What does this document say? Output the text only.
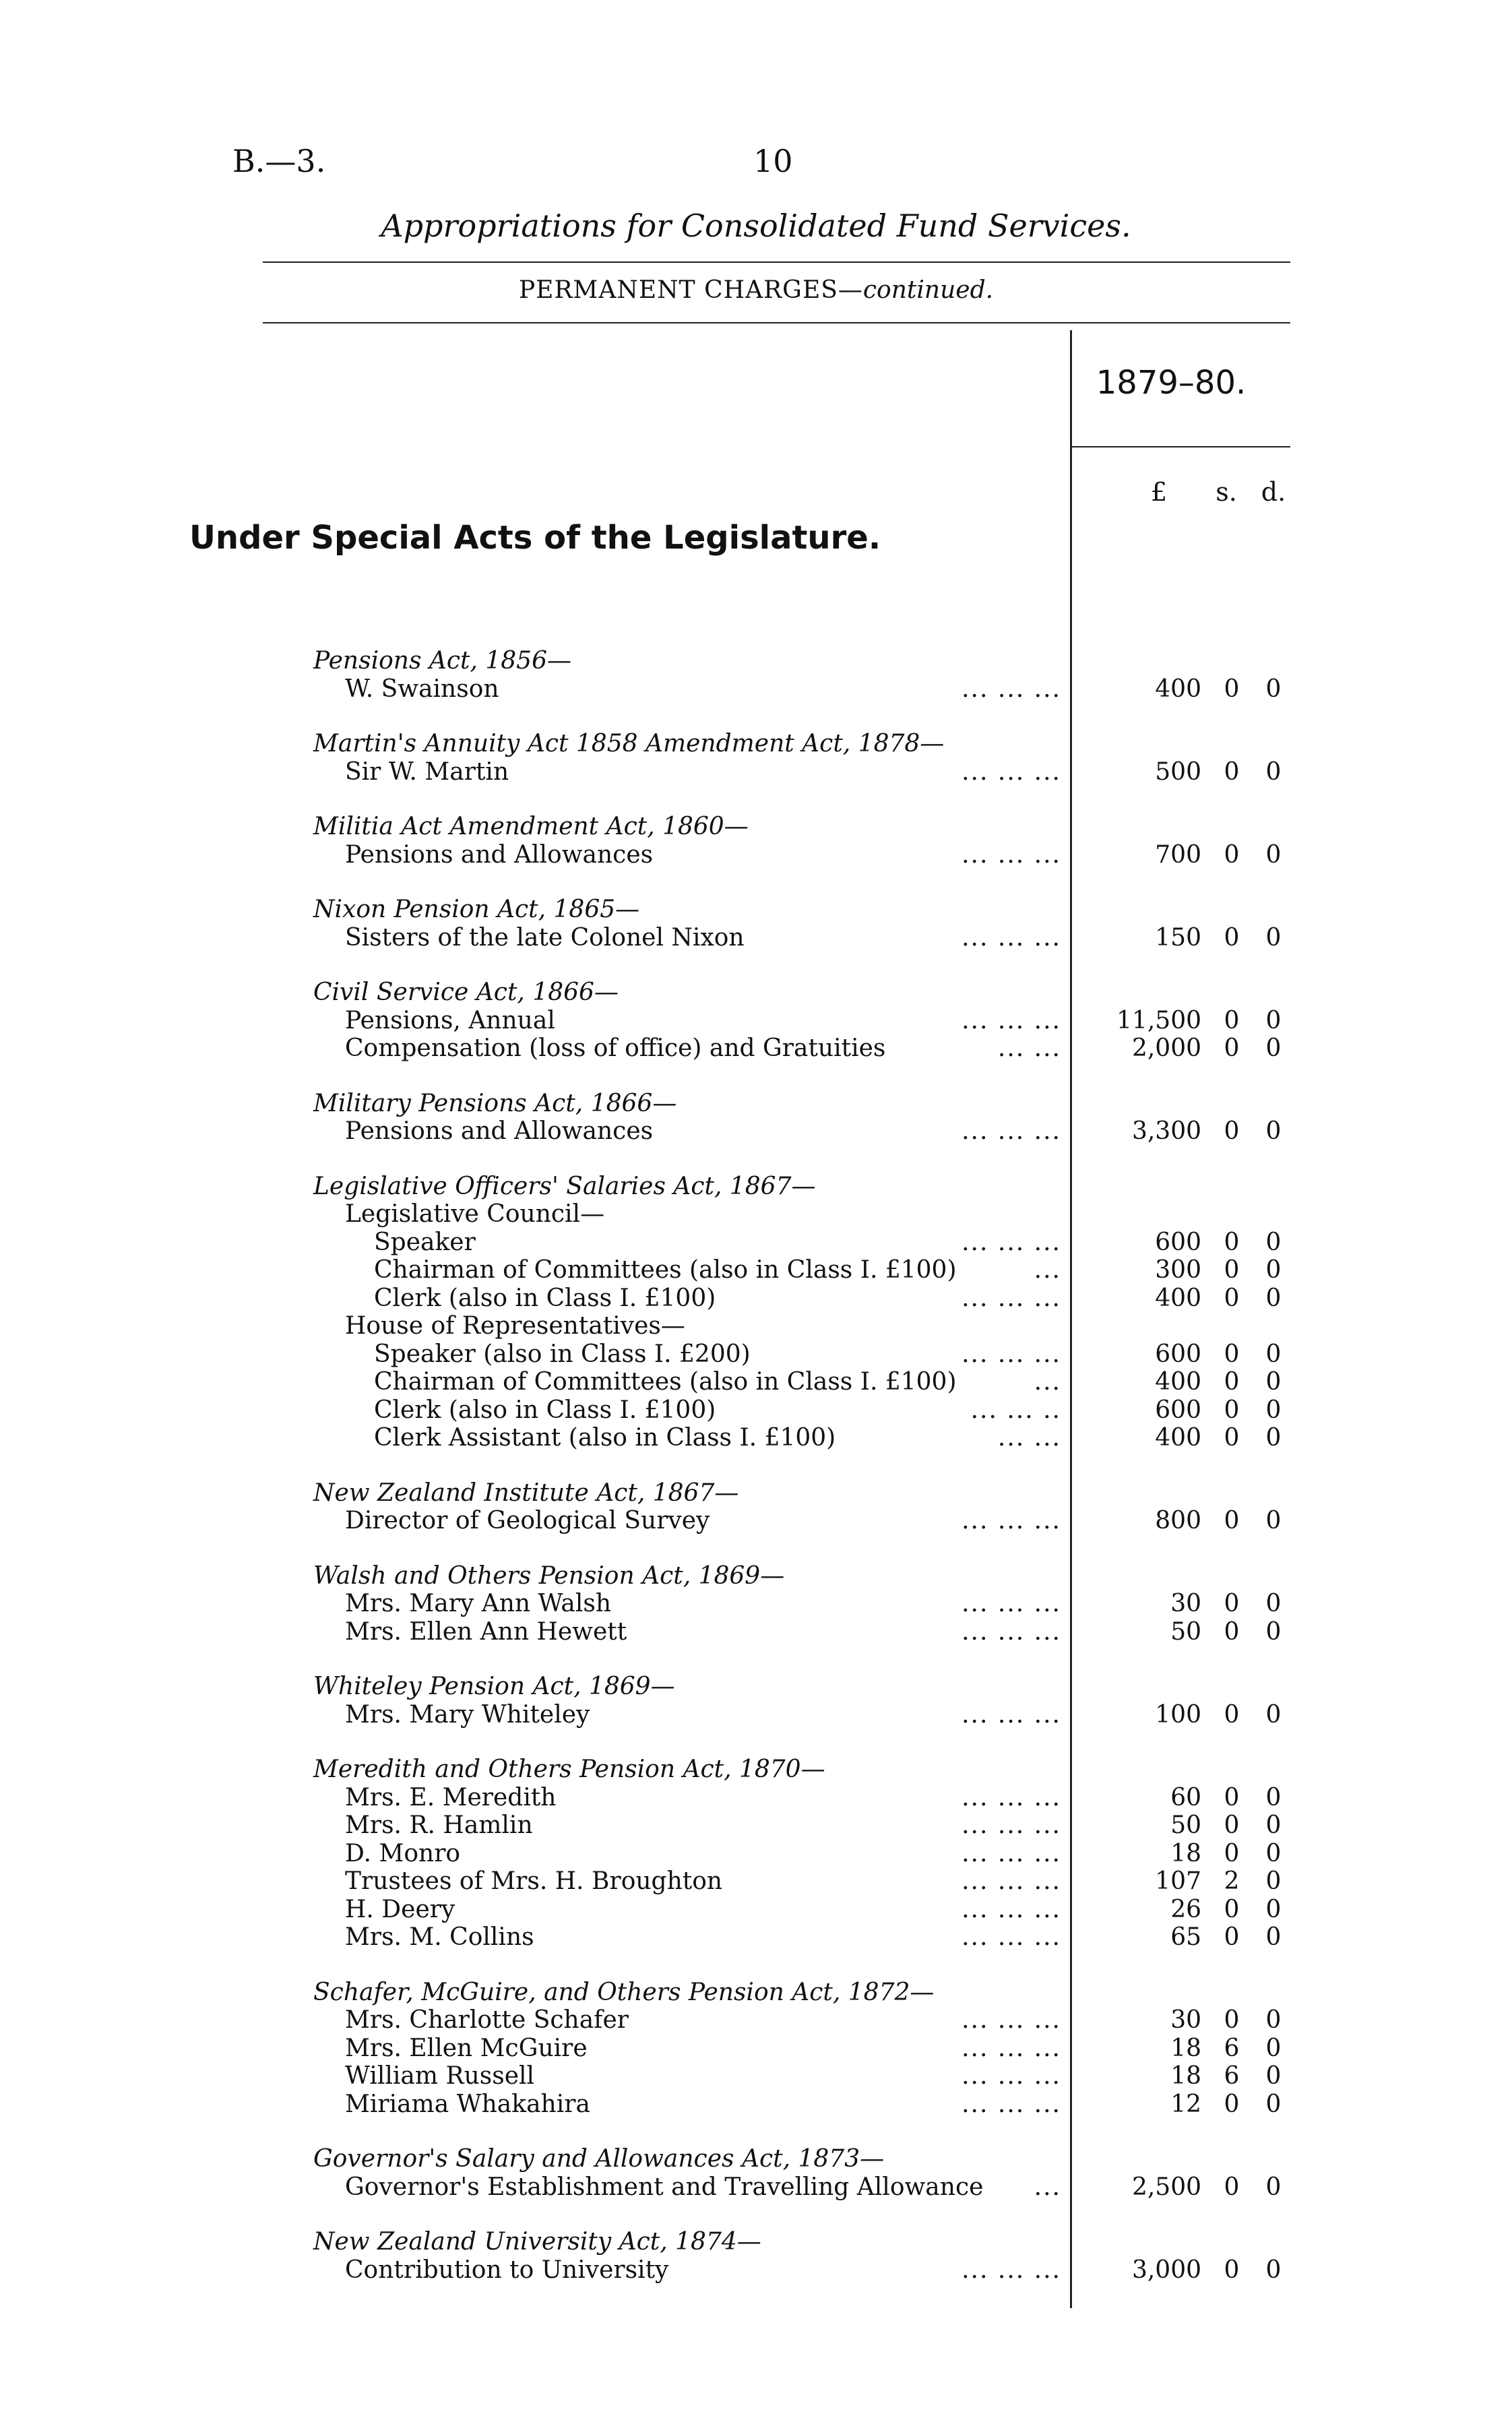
B.—3.	10
Appropriations for Consolidated Fund Services.
PERMANENT CHARGES—continued.
1879–80.
£ s. d.
Under Special Acts of the Legislature.
Pensions Act, 1856—
W. Swainson	... ... ...	400 0 0
Martin's Annuity Act 1858 Amendment Act, 1878—
Sir W. Martin	... ... ...	500 0 0
Militia Act Amendment Act, 1860—
Pensions and Allowances	... ... ...	700 0 0
Nixon Pension Act, 1865—
Sisters of the late Colonel Nixon	... ... ...	150 0 0
Civil Service Act, 1866—
Pensions, Annual	... ... ...	11,500 0 0
Compensation (loss of office) and Gratuities	... ...	2,000 0 0
Military Pensions Act, 1866—
Pensions and Allowances	... ... ...	3,300 0 0
Legislative Officers' Salaries Act, 1867—
Legislative Council—
Speaker	... ... ...	600 0 0
Chairman of Committees (also in Class I. £100)	...	300 0 0
Clerk (also in Class I. £100)	... ... ...	400 0 0
House of Representatives—
Speaker (also in Class I. £200)	... ... ...	600 0 0
Chairman of Committees (also in Class I. £100)	...	400 0 0
Clerk (also in Class I. £100)	... ... ..	600 0 0
Clerk Assistant (also in Class I. £100)	... ...	400 0 0
New Zealand Institute Act, 1867—
Director of Geological Survey	... ... ...	800 0 0
Walsh and Others Pension Act, 1869—
Mrs. Mary Ann Walsh	... ... ...	30 0 0
Mrs. Ellen Ann Hewett	... ... ...	50 0 0
Whiteley Pension Act, 1869—
Mrs. Mary Whiteley	... ... ...	100 0 0
Meredith and Others Pension Act, 1870—
Mrs. E. Meredith	... ... ...	60 0 0
Mrs. R. Hamlin	... ... ...	50 0 0
D. Monro	... ... ...	18 0 0
Trustees of Mrs. H. Broughton	... ... ...	107 2 0
H. Deery	... ... ...	26 0 0
Mrs. M. Collins	... ... ...	65 0 0
Schafer, McGuire, and Others Pension Act, 1872—
Mrs. Charlotte Schafer	... ... ...	30 0 0
Mrs. Ellen McGuire	... ... ...	18 6 0
William Russell	... ... ...	18 6 0
Miriama Whakahira	... ... ...	12 0 0
Governor's Salary and Allowances Act, 1873—
Governor's Establishment and Travelling Allowance ...	2,500 0 0
New Zealand University Act, 1874—
Contribution to University	... ... ...	3,000 0 0
